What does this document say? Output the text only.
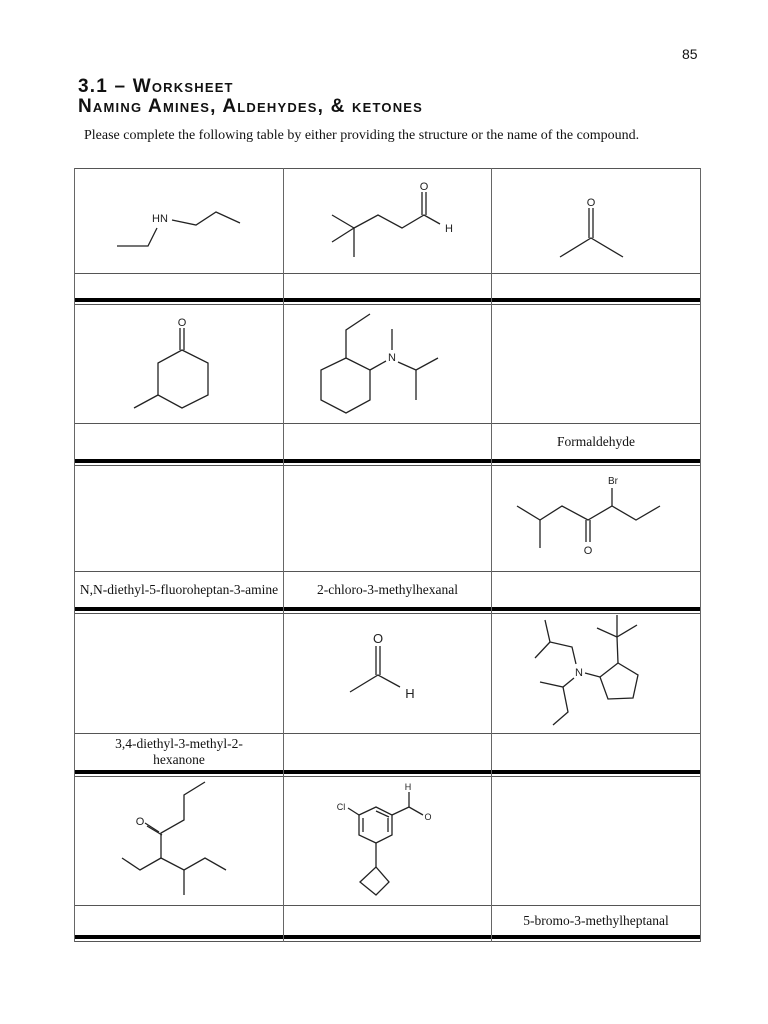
85
3.1 – Worksheet
Naming Amines, Aldehydes, & ketones
Please complete the following table by either providing the structure or the name of the compound.
Formaldehyde
N,N-diethyl-5-fluoroheptan-3-amine	2-chloro-3-methylhexanal
3,4-diethyl-3-methyl-2-hexanone
5-bromo-3-methylheptanal
HN
O
H
O
O
N
O
Br
O
H
N
O
Cl
H
O
